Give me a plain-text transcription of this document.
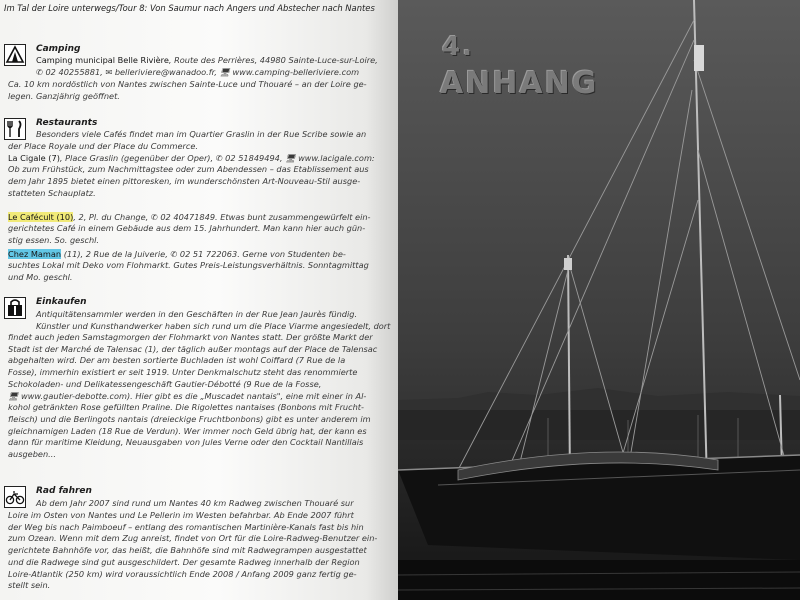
Im Tal der Loire unterwegs/Tour 8: Von Saumur nach Angers und Abstecher nach Nantes
Camping
Camping municipal Belle Rivière, Route des Perrières, 44980 Sainte-Luce-sur-Loire,
✆ 02 40255881, ✉ belleriviere@wanadoo.fr, 🖥 www.camping-belleriviere.com
Ca. 10 km nordöstlich von Nantes zwischen Sainte-Luce und Thouaré – an der Loire ge-
legen. Ganzjährig geöffnet.
Restaurants
Besonders viele Cafés findet man im Quartier Graslin in der Rue Scribe sowie an
der Place Royale und der Place du Commerce.
La Cigale (7), Place Graslin (gegenüber der Oper), ✆ 02 51849494, 🖥 www.lacigale.com:
Ob zum Frühstück, zum Nachmittagstee oder zum Abendessen – das Etablissement aus
dem Jahr 1895 bietet einen pittoresken, im wunderschönsten Art-Nouveau-Stil ausge-
statteten Schauplatz.
Le Cafécult (10), 2, Pl. du Change, ✆ 02 40471849. Etwas bunt zusammengewürfelt ein-
gerichtetes Café in einem Gebäude aus dem 15. Jahrhundert. Man kann hier auch gün-
stig essen. So. geschl.
Chez Maman (11), 2 Rue de la Juiverie, ✆ 02 51 722063. Gerne von Studenten be-
suchtes Lokal mit Deko vom Flohmarkt. Gutes Preis-Leistungsverhältnis. Sonntagmittag
und Mo. geschl.
Einkaufen
Antiquitätensammler werden in den Geschäften in der Rue Jean Jaurès fündig.
Künstler und Kunsthandwerker haben sich rund um die Place Viarme angesiedelt, dort
findet auch jeden Samstagmorgen der Flohmarkt von Nantes statt. Der größte Markt der
Stadt ist der Marché de Talensac (1), der täglich außer montags auf der Place de Talensac
abgehalten wird. Der am besten sortierte Buchladen ist wohl Coiffard (7 Rue de la
Fosse), immerhin existiert er seit 1919. Unter Denkmalschutz steht das renommierte
Schokoladen- und Delikatessengeschäft Gautier-Débotté (9 Rue de la Fosse,
🖥 www.gautier-debotte.com). Hier gibt es die „Muscadet nantais", eine mit einer in Al-
kohol getränkten Rose gefüllten Praline. Die Rigolettes nantaises (Bonbons mit Frucht-
fleisch) und die Berlingots nantais (dreieckige Fruchtbonbons) gibt es unter anderem im
gleichnamigen Laden (18 Rue de Verdun). Wer immer noch Geld übrig hat, der kann es
dann für maritime Kleidung, Neuausgaben von Jules Verne oder den Cocktail Nantillais
ausgeben...
Rad fahren
Ab dem Jahr 2007 sind rund um Nantes 40 km Radweg zwischen Thouaré sur
Loire im Osten von Nantes und Le Pellerin im Westen befahrbar. Ab Ende 2007 führt
der Weg bis nach Paimboeuf – entlang des romantischen Martinière-Kanals fast bis hin
zum Ozean. Wenn mit dem Zug anreist, findet von Ort für die Loire-Radweg-Benutzer ein-
gerichtete Bahnhöfe vor, das heißt, die Bahnhöfe sind mit Radwegrampen ausgestattet
und die Radwege sind gut ausgeschildert. Der gesamte Radweg innerhalb der Region
Loire-Atlantik (250 km) wird voraussichtlich Ende 2008 / Anfang 2009 ganz fertig ge-
stellt sein.
4.
ANHANG
